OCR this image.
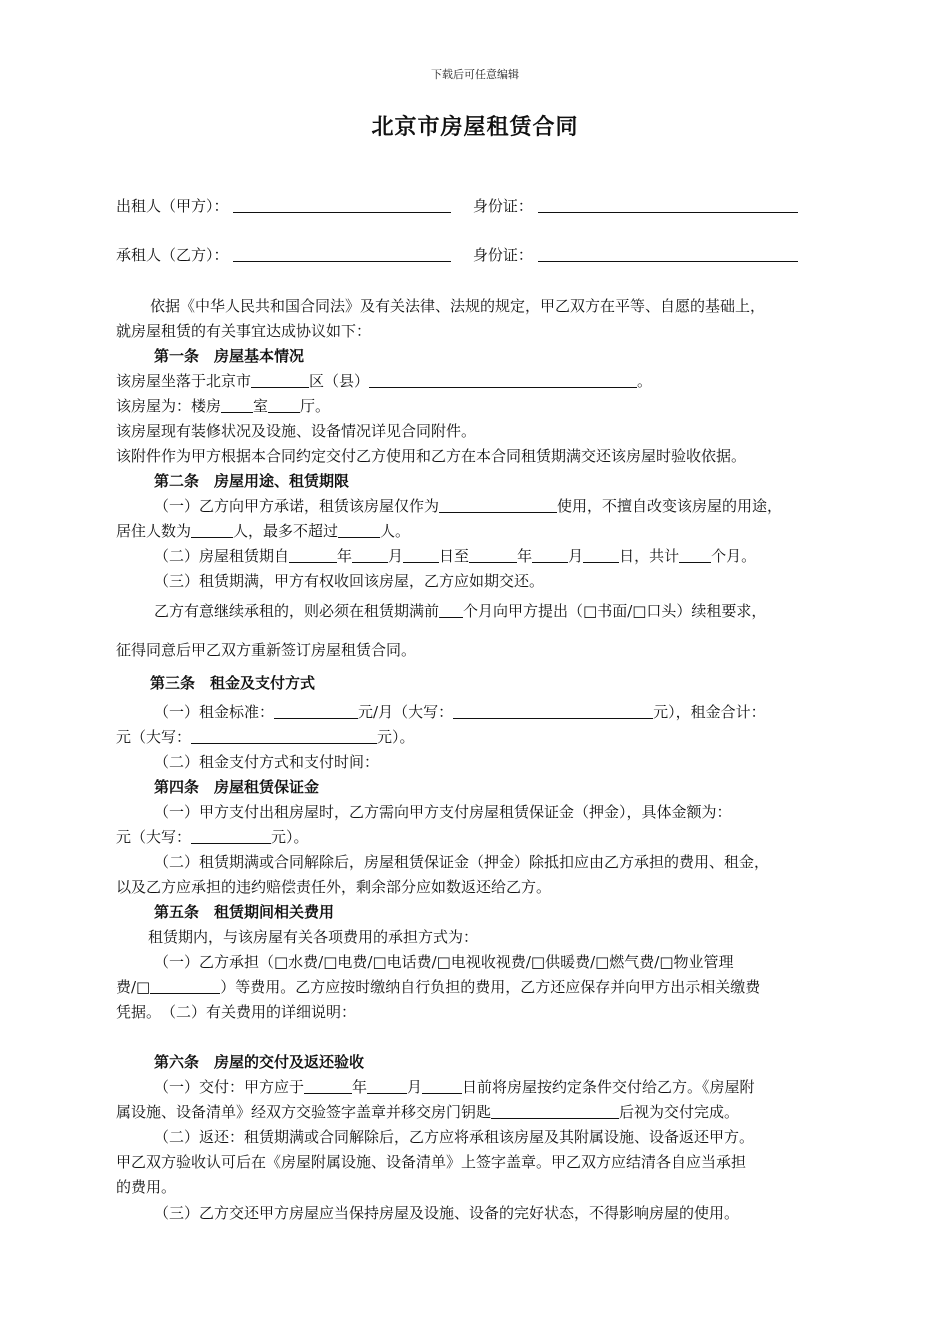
下载后可任意编辑
北京市房屋租赁合同
出租人（甲方）：	身份证：
承租人（乙方）：	身份证：
依据《中华人民共和国合同法》及有关法律、法规的规定，甲乙双方在平等、自愿的基础上，
就房屋租赁的有关事宜达成协议如下：
第一条　房屋基本情况
该房屋坐落于北京市	区（县）	。
该房屋为：楼房 室 厅。
该房屋现有装修状况及设施、设备情况详见合同附件。
该附件作为甲方根据本合同约定交付乙方使用和乙方在本合同租赁期满交还该房屋时验收依据。
第二条　房屋用途、租赁期限
（一）乙方向甲方承诺，租赁该房屋仅作为	使用，不擅自改变该房屋的用途，
居住人数为	人，最多不超过	人。
（二）房屋租赁期自	年 月 日至	年 月 日，共计 个月。
（三）租赁期满，甲方有权收回该房屋，乙方应如期交还。
乙方有意继续承租的，则必须在租赁期满前 个月向甲方提出（□书面/□口头）续租要求，
征得同意后甲乙双方重新签订房屋租赁合同。
第三条　租金及支付方式
（一）租金标准：	元/月（大写：	元），租金合计：
元（大写：	元）。
（二）租金支付方式和支付时间：
第四条　房屋租赁保证金
（一）甲方支付出租房屋时，乙方需向甲方支付房屋租赁保证金（押金），具体金额为：
元（大写：	元）。
（二）租赁期满或合同解除后，房屋租赁保证金（押金）除抵扣应由乙方承担的费用、租金，
以及乙方应承担的违约赔偿责任外，剩余部分应如数返还给乙方。
第五条　租赁期间相关费用
租赁期内，与该房屋有关各项费用的承担方式为：
（一）乙方承担（□水费/□电费/□电话费/□电视收视费/□供暖费/□燃气费/□物业管理
费/□	）等费用。乙方应按时缴纳自行负担的费用，乙方还应保存并向甲方出示相关缴费
凭据。　（二）有关费用的详细说明：
第六条　房屋的交付及返还验收
（一）交付：甲方应于	年	月	日前将房屋按约定条件交付给乙方。《房屋附
属设施、设备清单》经双方交验签字盖章并移交房门钥匙	后视为交付完成。
（二）返还：租赁期满或合同解除后，乙方应将承租该房屋及其附属设施、设备返还甲方。
甲乙双方验收认可后在《房屋附属设施、设备清单》上签字盖章。甲乙双方应结清各自应当承担
的费用。
（三）乙方交还甲方房屋应当保持房屋及设施、设备的完好状态，不得影响房屋的使用。
